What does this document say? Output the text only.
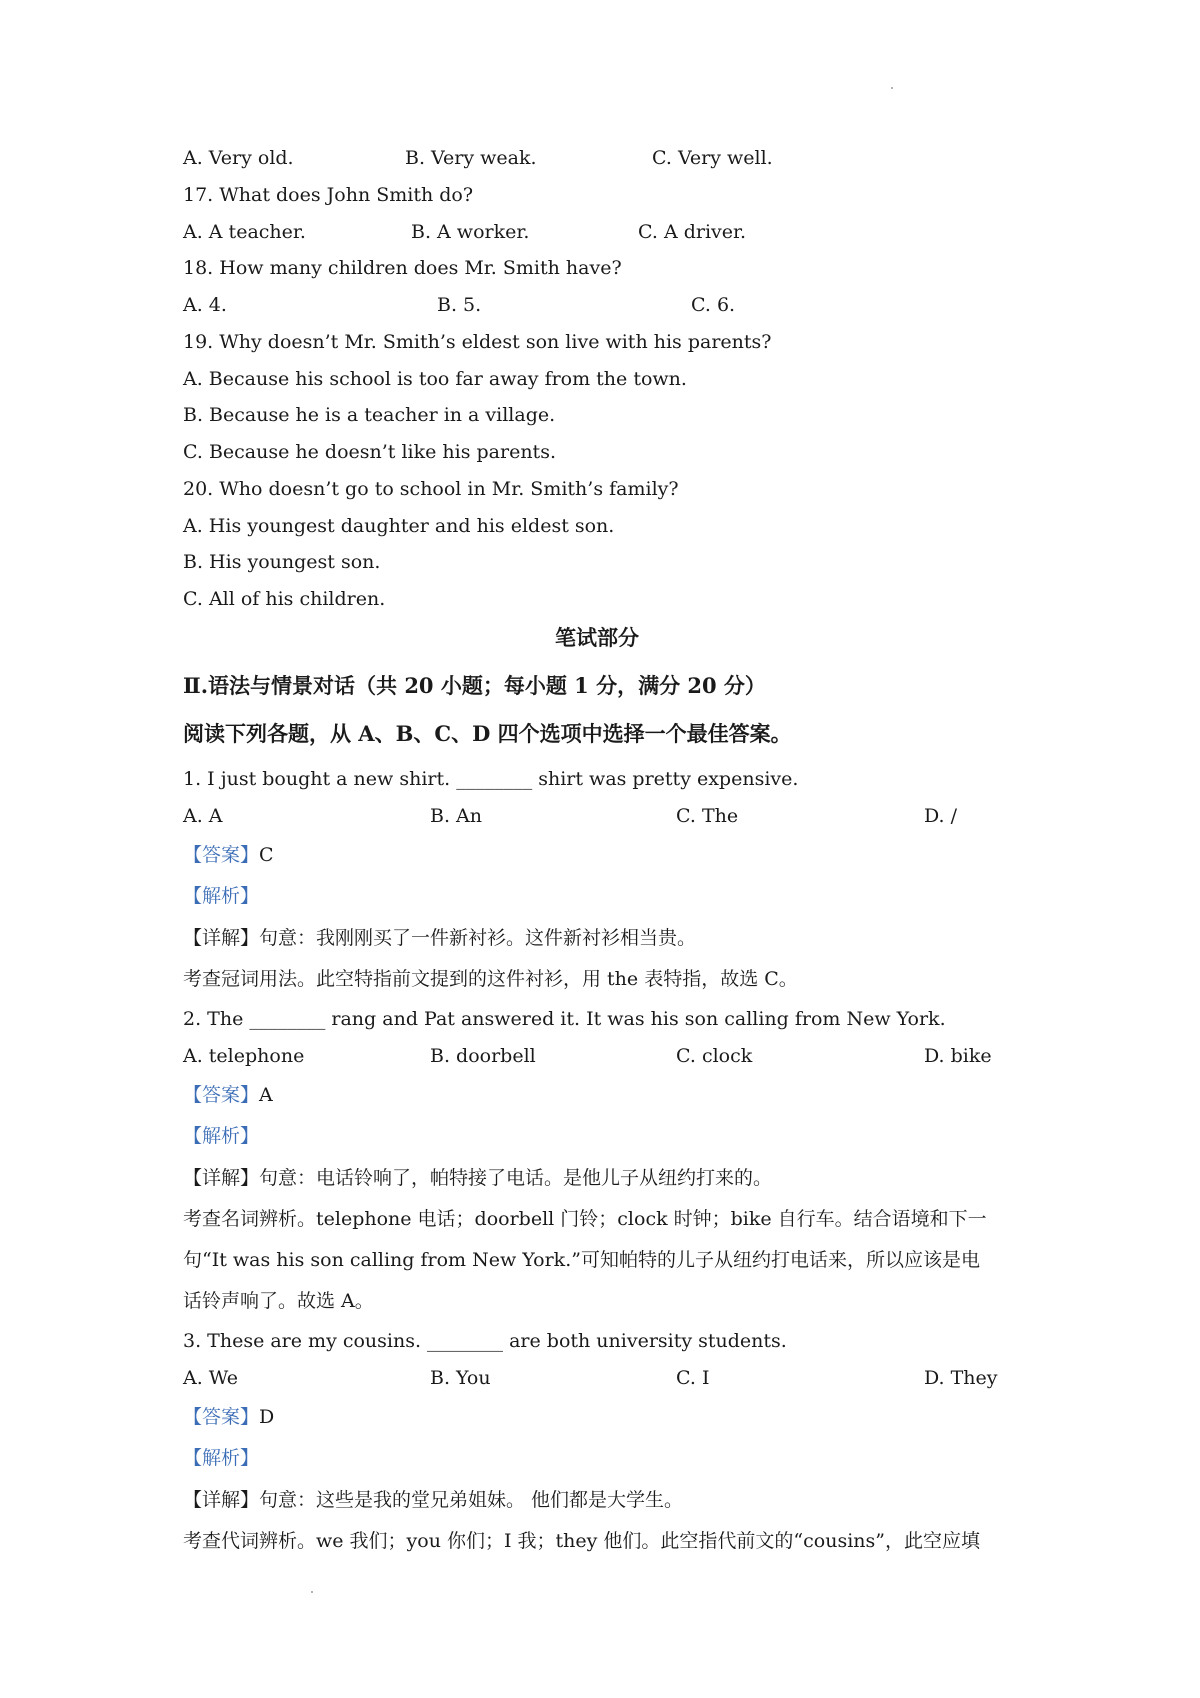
A. Very old.	B. Very weak.	C. Very well.
17. What does John Smith do?
A. A teacher.	B. A worker.	C. A driver.
18. How many children does Mr. Smith have?
A. 4.	B. 5.	C. 6.
19. Why doesn’t Mr. Smith’s eldest son live with his parents?
A. Because his school is too far away from the town.
B. Because he is a teacher in a village.
C. Because he doesn’t like his parents.
20. Who doesn’t go to school in Mr. Smith’s family?
A. His youngest daughter and his eldest son.
B. His youngest son.
C. All of his children.
笔试部分
Ⅱ.语法与情景对话（共 20 小题；每小题 1 分，满分 20 分）
阅读下列各题，从 A、B、C、D 四个选项中选择一个最佳答案。
1. I just bought a new shirt. ________ shirt was pretty expensive.
A. A	B. An	C. The	D. /
【答案】C
【解析】
【详解】句意：我刚刚买了一件新衬衫。这件新衬衫相当贵。
考查冠词用法。此空特指前文提到的这件衬衫，用 the 表特指，故选 C。
2. The ________ rang and Pat answered it. It was his son calling from New York.
A. telephone	B. doorbell	C. clock	D. bike
【答案】A
【解析】
【详解】句意：电话铃响了，帕特接了电话。是他儿子从纽约打来的。
考查名词辨析。telephone 电话；doorbell 门铃；clock 时钟；bike 自行车。结合语境和下一
句“It was his son calling from New York.”可知帕特的儿子从纽约打电话来，所以应该是电
话铃声响了。故选 A。
3. These are my cousins. ________ are both university students.
A. We	B. You	C. I	D. They
【答案】D
【解析】
【详解】句意：这些是我的堂兄弟姐妹。 他们都是大学生。
考查代词辨析。we 我们；you 你们；I 我；they 他们。此空指代前文的“cousins”，此空应填
